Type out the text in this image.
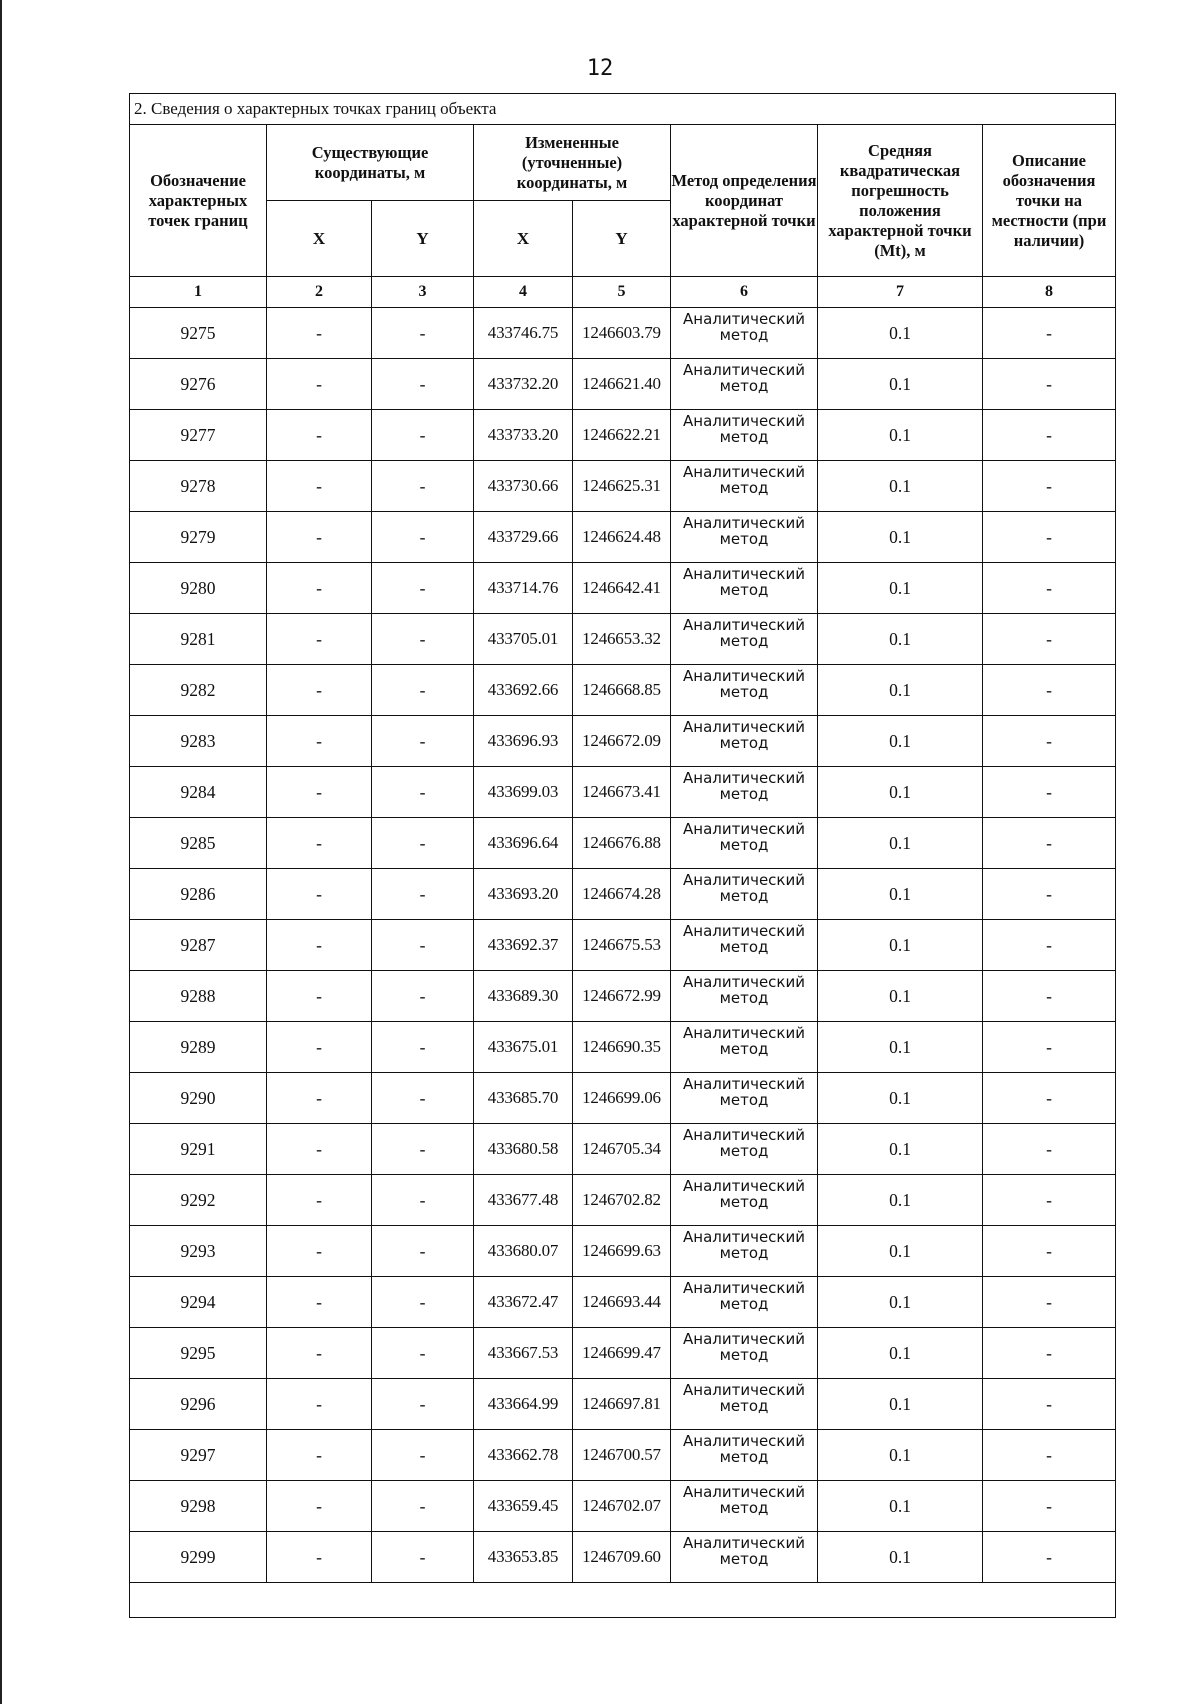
12
2. Сведения о характерных точках границ объекта							
Обозначение характерных точек границ	Существующие координаты, м		Измененные (уточненные) координаты, м		Метод определения координат характерной точки	Средняя квадратическая погрешность положения характерной точки (Mt), м	Описание обозначения точки на местности (при наличии)
	X	Y	X	Y			
1	2	3	4	5	6	7	8
9275	-	-	433746.75	1246603.79	Аналитический метод	0.1	-
9276	-	-	433732.20	1246621.40	Аналитический метод	0.1	-
9277	-	-	433733.20	1246622.21	Аналитический метод	0.1	-
9278	-	-	433730.66	1246625.31	Аналитический метод	0.1	-
9279	-	-	433729.66	1246624.48	Аналитический метод	0.1	-
9280	-	-	433714.76	1246642.41	Аналитический метод	0.1	-
9281	-	-	433705.01	1246653.32	Аналитический метод	0.1	-
9282	-	-	433692.66	1246668.85	Аналитический метод	0.1	-
9283	-	-	433696.93	1246672.09	Аналитический метод	0.1	-
9284	-	-	433699.03	1246673.41	Аналитический метод	0.1	-
9285	-	-	433696.64	1246676.88	Аналитический метод	0.1	-
9286	-	-	433693.20	1246674.28	Аналитический метод	0.1	-
9287	-	-	433692.37	1246675.53	Аналитический метод	0.1	-
9288	-	-	433689.30	1246672.99	Аналитический метод	0.1	-
9289	-	-	433675.01	1246690.35	Аналитический метод	0.1	-
9290	-	-	433685.70	1246699.06	Аналитический метод	0.1	-
9291	-	-	433680.58	1246705.34	Аналитический метод	0.1	-
9292	-	-	433677.48	1246702.82	Аналитический метод	0.1	-
9293	-	-	433680.07	1246699.63	Аналитический метод	0.1	-
9294	-	-	433672.47	1246693.44	Аналитический метод	0.1	-
9295	-	-	433667.53	1246699.47	Аналитический метод	0.1	-
9296	-	-	433664.99	1246697.81	Аналитический метод	0.1	-
9297	-	-	433662.78	1246700.57	Аналитический метод	0.1	-
9298	-	-	433659.45	1246702.07	Аналитический метод	0.1	-
9299	-	-	433653.85	1246709.60	Аналитический метод	0.1	-
